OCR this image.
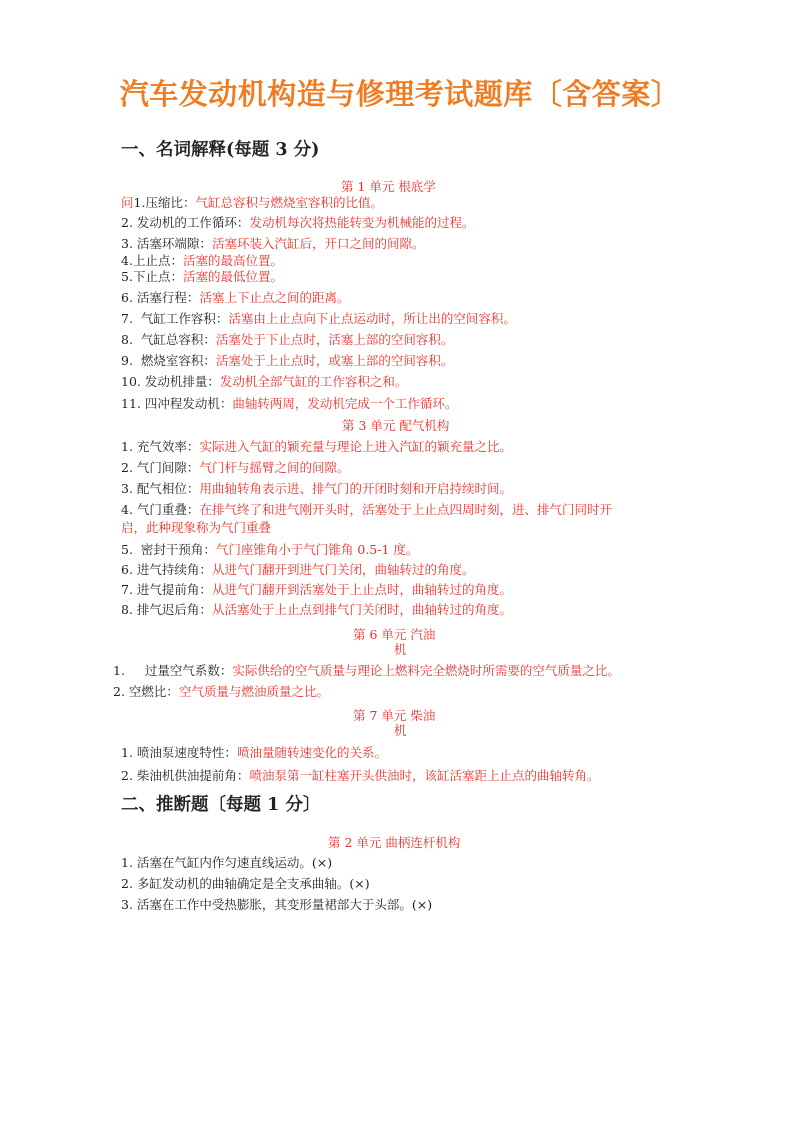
汽车发动机构造与修理考试题库〔含答案〕
一、名词解释(每题 3 分)
第 1 单元 根底学
问1.压缩比：气缸总容积与燃烧室容积的比值。
2. 发动机的工作循环：发动机每次将热能转变为机械能的过程。
3. 活塞环端隙：活塞环装入汽缸后，开口之间的间隙。
4.上止点：活塞的最高位置。
5.下止点：活塞的最低位置。
6. 活塞行程：活塞上下止点之间的距离。
7. 气缸工作容积：活塞由上止点向下止点运动时，所让出的空间容积。
8. 气缸总容积：活塞处于下止点时，活塞上部的空间容积。
9. 燃烧室容积：活塞处于上止点时，或塞上部的空间容积。
10. 发动机排量：发动机全部气缸的工作容积之和。
11. 四冲程发动机：曲轴转两周，发动机完成一个工作循环。
第 3 单元 配气机构
1. 充气效率：实际进入气缸的颖充量与理论上进入汽缸的颖充量之比。
2. 气门间隙：气门杆与摇臂之间的间隙。
3. 配气相位：用曲轴转角表示进、排气门的开闭时刻和开启持续时间。
4. 气门重叠：在排气终了和进气刚开头时，活塞处于上止点四周时刻，进、排气门同时开
启，此种现象称为气门重叠
5. 密封干预角：气门座锥角小于气门锥角 0.5-1 度。
6. 进气持续角：从进气门翻开到进气门关闭，曲轴转过的角度。
7. 进气提前角：从进气门翻开到活塞处于上止点时，曲轴转过的角度。
8. 排气迟后角：从活塞处于上止点到排气门关闭时，曲轴转过的角度。
第 6 单元 汽油
机
1. 过量空气系数：实际供给的空气质量与理论上燃料完全燃烧时所需要的空气质量之比。
2. 空燃比：空气质量与燃油质量之比。
第 7 单元 柴油
机
1. 喷油泵速度特性：喷油量随转速变化的关系。
2. 柴油机供油提前角：喷油泵第一缸柱塞开头供油时，该缸活塞距上止点的曲轴转角。
二、推断题〔每题 1 分〕
第 2 单元 曲柄连杆机构
1. 活塞在气缸内作匀速直线运动。(×)
2. 多缸发动机的曲轴确定是全支承曲轴。(×)
3. 活塞在工作中受热膨胀，其变形量裙部大于头部。(×)
